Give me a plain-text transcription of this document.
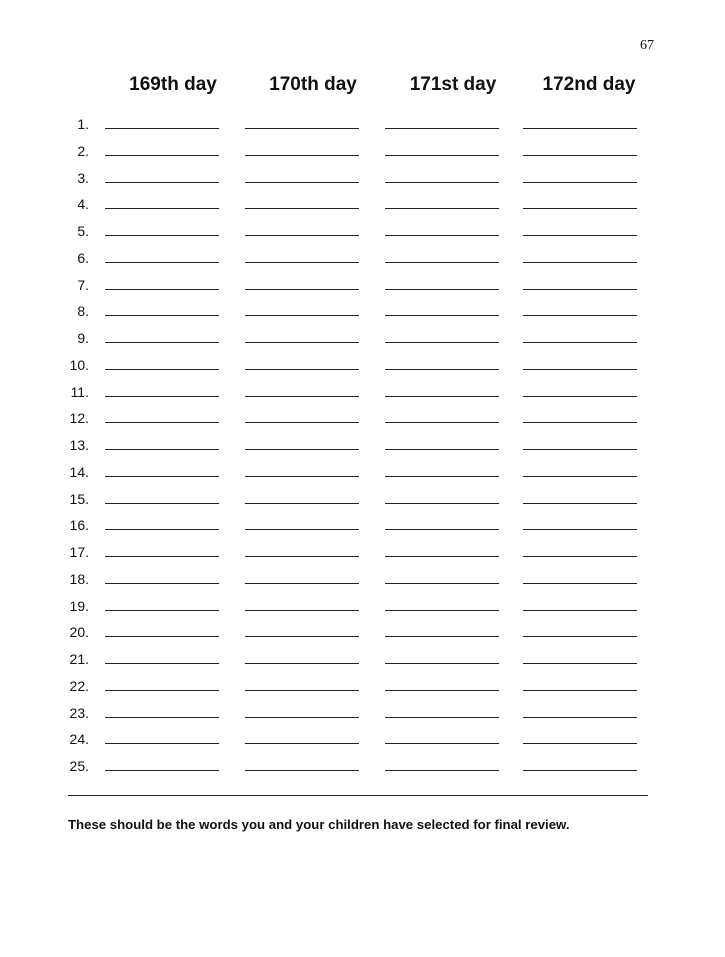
67
169th day	170th day	171st day	172nd day
1.
2.
3.
4.
5.
6.
7.
8.
9.
10.
11.
12.
13.
14.
15.
16.
17.
18.
19.
20.
21.
22.
23.
24.
25.
These should be the words you and your children have selected for final review.
